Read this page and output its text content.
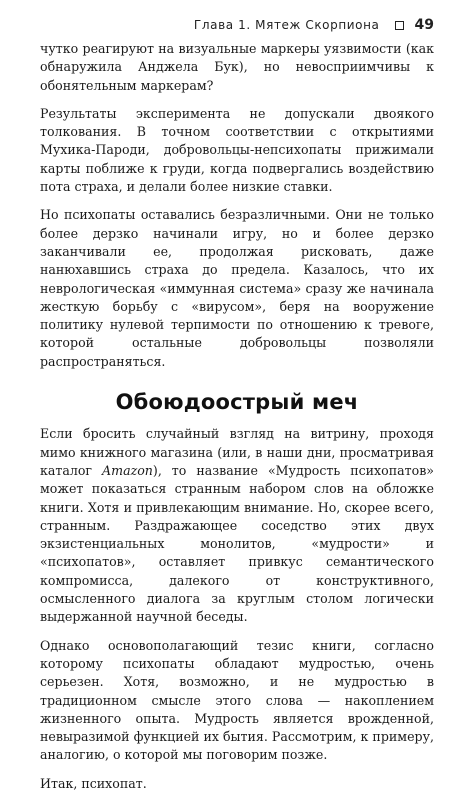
Глава 1. Мятеж Скорпиона	49

чутко реагируют на визуальные маркеры уязвимости (как обнаружила Анджела Бук), но невосприимчивы к обонятельным маркерам?

Результаты эксперимента не допускали двоякого толкования. В точном соответствии с открытиями Мухика-Пароди, добровольцы-непсихопаты прижимали карты поближе к груди, когда подвергались воздействию пота страха, и делали более низкие ставки.

Но психопаты оставались безразличными. Они не только более дерзко начинали игру, но и более дерзко заканчивали ее, продолжая рисковать, даже нанюхавшись страха до предела. Казалось, что их неврологическая «иммунная система» сразу же начинала жесткую борьбу с «вирусом», беря на вооружение политику нулевой терпимости по отношению к тревоге, которой остальные добровольцы позволяли распространяться.

Обоюдоострый меч

Если бросить случайный взгляд на витрину, проходя мимо книжного магазина (или, в наши дни, просматривая каталог Amazon), то название «Мудрость психопатов» может показаться странным набором слов на обложке книги. Хотя и привлекающим внимание. Но, скорее всего, странным. Раздражающее соседство этих двух экзистенциальных монолитов, «мудрости» и «психопатов», оставляет привкус семантического компромисса, далекого от конструктивного, осмысленного диалога за круглым столом логически выдержанной научной беседы.

Однако основополагающий тезис книги, согласно которому психопаты обладают мудростью, очень серьезен. Хотя, возможно, и не мудростью в традиционном смысле этого слова — накоплением жизненного опыта. Мудрость является врожденной, невыразимой функцией их бытия. Рассмотрим, к примеру, аналогию, о которой мы поговорим позже.

Итак, психопат.
